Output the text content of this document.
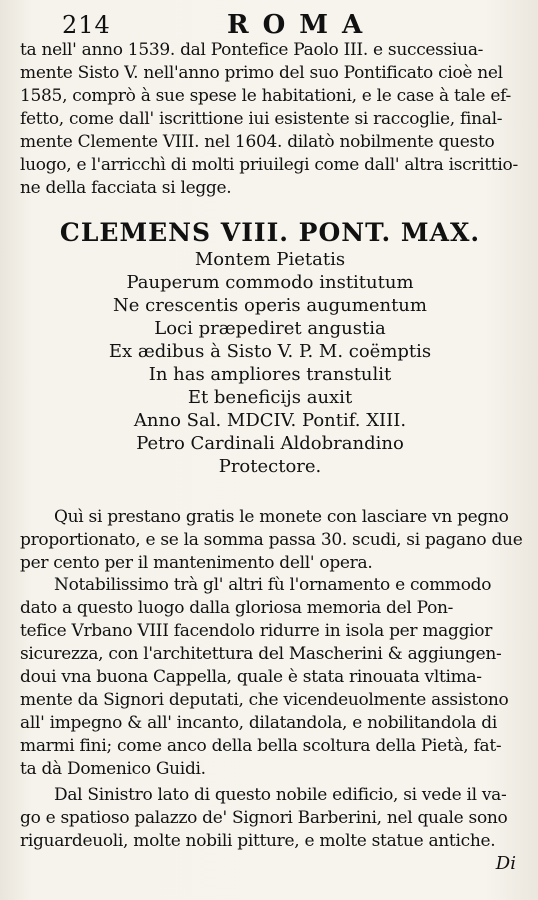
214	ROMA
ta nell' anno 1539. dal Pontefice Paolo III. e successiua-
mente Sisto V. nell'anno primo del suo Pontificato cioè nel
1585, comprò à sue spese le habitationi, e le case à tale ef-
fetto, come dall' iscrittione iui esistente si raccoglie, final-
mente Clemente VIII. nel 1604. dilatò nobilmente questo
luogo, e l'arricchì di molti priuilegi come dall' altra iscrittio-
ne della facciata si legge.
CLEMENS VIII. PONT. MAX.
Montem Pietatis
Pauperum commodo institutum
Ne crescentis operis augumentum
Loci præpediret angustia
Ex ædibus à Sisto V. P. M. coëmptis
In has ampliores transtulit
Et beneficijs auxit
Anno Sal. MDCIV. Pontif. XIII.
Petro Cardinali Aldobrandino
Protectore.
Quì si prestano gratis le monete con lasciare vn pegno
proportionato, e se la somma passa 30. scudi, si pagano due
per cento per il mantenimento dell' opera.
Notabilissimo trà gl' altri fù l'ornamento e commodo
dato a questo luogo dalla gloriosa memoria del Pon-
tefice Vrbano VIII facendolo ridurre in isola per maggior
sicurezza, con l'architettura del Mascherini & aggiungen-
doui vna buona Cappella, quale è stata rinouata vltima-
mente da Signori deputati, che vicendeuolmente assistono
all' impegno & all' incanto, dilatandola, e nobilitandola di
marmi fini; come anco della bella scoltura della Pietà, fat-
ta dà Domenico Guidi.
Dal Sinistro lato di questo nobile edificio, si vede il va-
go e spatioso palazzo de' Signori Barberini, nel quale sono
riguardeuoli, molte nobili pitture, e molte statue antiche.
Di
